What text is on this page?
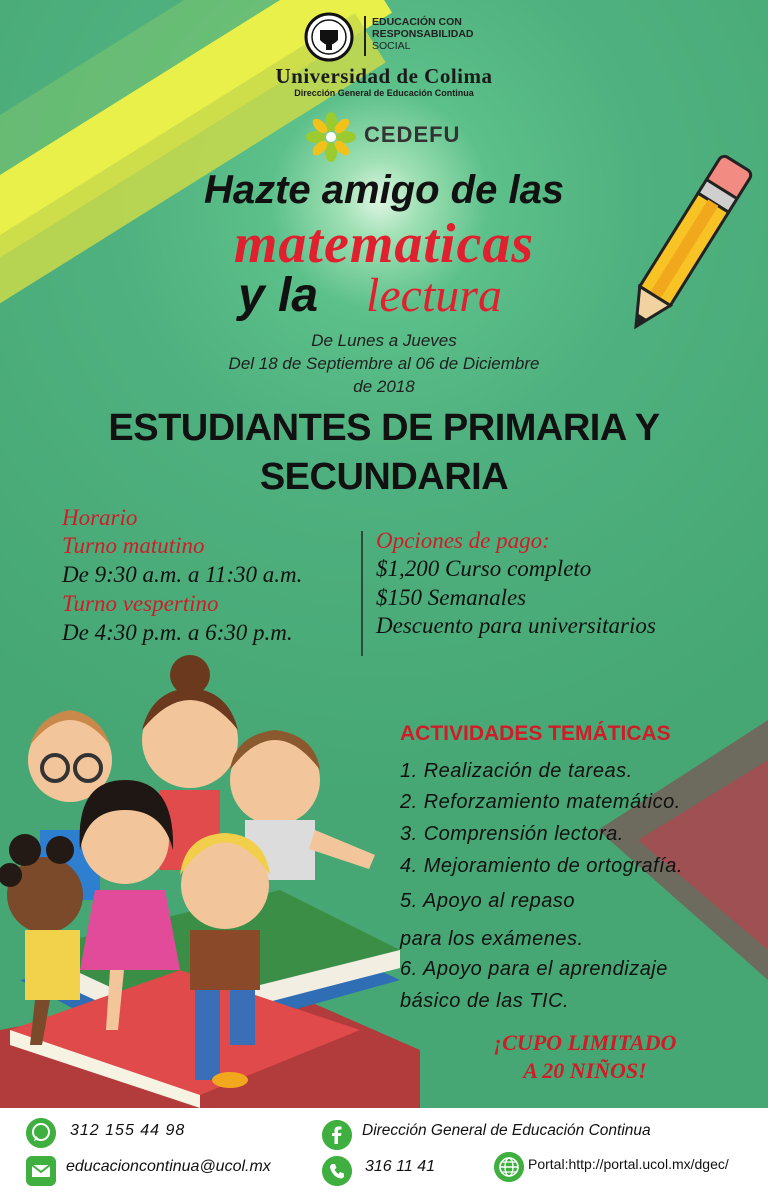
EDUCACIÓN CON
RESPONSABILIDAD
SOCIAL
Universidad de Colima
Dirección General de Educación Continua
CEDEFU
Hazte amigo de las
matematicas
y la lectura
De Lunes a Jueves
Del 18 de Septiembre al 06 de Diciembre
de 2018
ESTUDIANTES DE PRIMARIA Y
SECUNDARIA
Horario
Turno matutino
De 9:30 a.m. a 11:30 a.m.
Turno vespertino
De 4:30 p.m. a 6:30 p.m.
Opciones de pago:
$1,200 Curso completo
$150 Semanales
Descuento para universitarios
ACTIVIDADES TEMÁTICAS
1. Realización de tareas.
2. Reforzamiento matemático.
3. Comprensión lectora.
4. Mejoramiento de ortografía.
5. Apoyo al repaso
para los exámenes.
6. Apoyo para el aprendizaje
básico de las TIC.
¡CUPO LIMITADO
A 20 NIÑOS!
312 155 44 98
educacioncontinua@ucol.mx
Dirección General de Educación Continua
316 11 41	Portal:http://portal.ucol.mx/dgec/
